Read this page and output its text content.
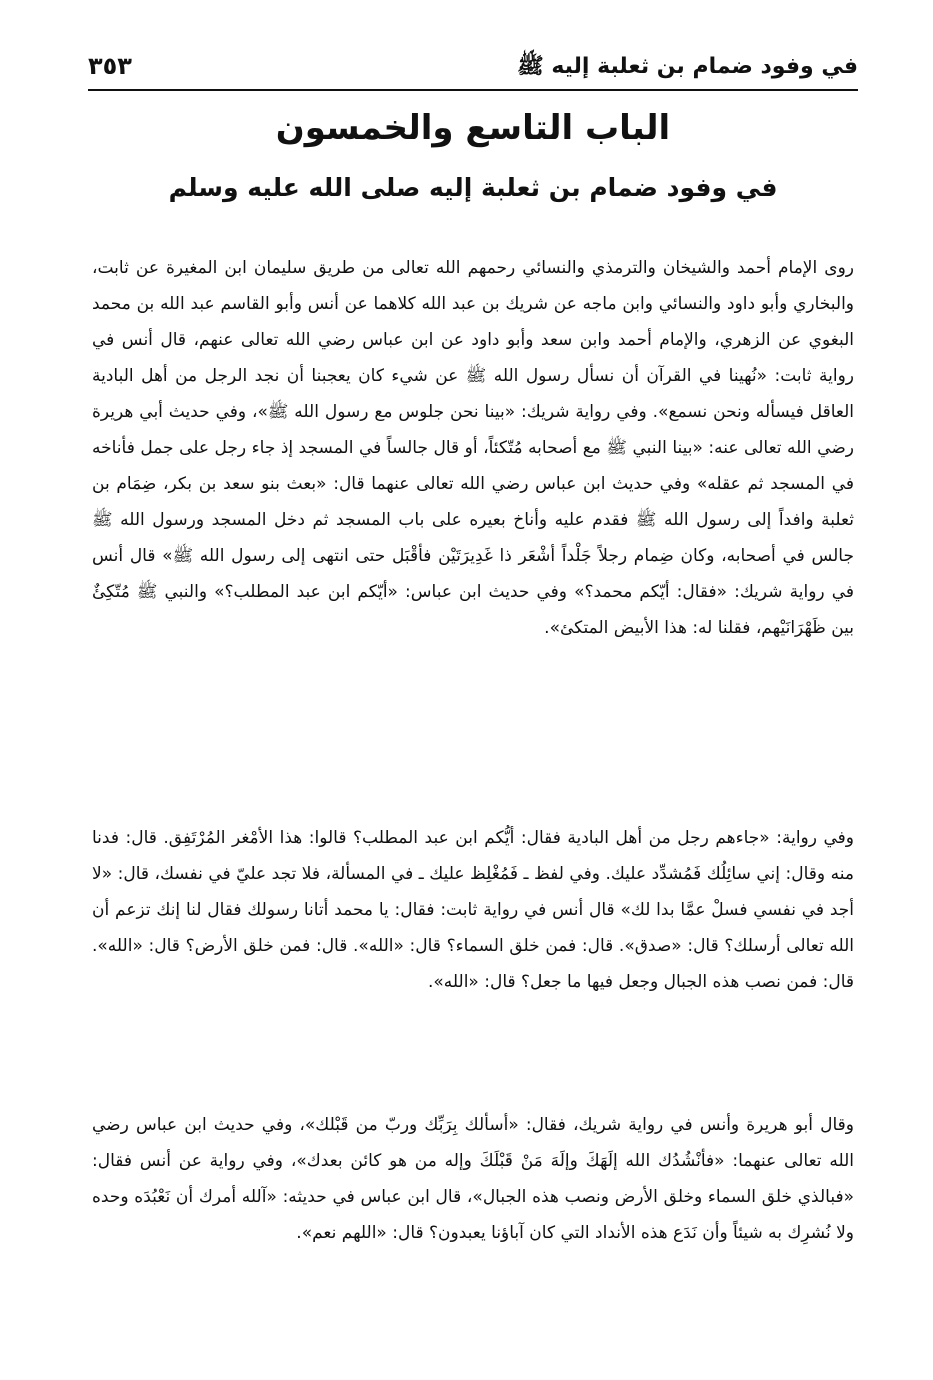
في وفود ضمام بن ثعلبة إليه ﷺ
٣٥٣
الباب التاسع والخمسون
في وفود ضمام بن ثعلبة إليه صلى الله عليه وسلم

روى الإمام أحمد والشيخان والترمذي والنسائي رحمهم الله تعالى من طريق سليمان ابن المغيرة عن ثابت، والبخاري وأبو داود والنسائي وابن ماجه عن شريك بن عبد الله كلاهما عن أنس وأبو القاسم عبد الله بن محمد البغوي عن الزهري، والإمام أحمد وابن سعد وأبو داود عن ابن عباس رضي الله تعالى عنهم، قال أنس في رواية ثابت: «نُهينا في القرآن أن نسأل رسول الله ﷺ عن شيء كان يعجبنا أن نجد الرجل من أهل البادية العاقل فيسأله ونحن نسمع». وفي رواية شريك: «بينا نحن جلوس مع رسول الله ﷺ»، وفي حديث أبي هريرة رضي الله تعالى عنه: «بينا النبي ﷺ مع أصحابه مُتّكئاً، أو قال جالساً في المسجد إذ جاء رجل على جمل فأناخه في المسجد ثم عقله» وفي حديث ابن عباس رضي الله تعالى عنهما قال: «بعث بنو سعد بن بكر، ضِمَام بن ثعلبة وافداً إلى رسول الله ﷺ فقدم عليه وأناخ بعيره على باب المسجد ثم دخل المسجد ورسول الله ﷺ جالس في أصحابه، وكان ضِمام رجلاً جَلْداً أشْعَر ذا غَدِيرَتَيْن فأقْبَل حتى انتهى إلى رسول الله ﷺ» قال أنس في رواية شريك: «فقال: أيّكم محمد؟» وفي حديث ابن عباس: «أيّكم ابن عبد المطلب؟» والنبي ﷺ مُتّكِئٌ بين ظَهْرَانَيْهم، فقلنا له: هذا الأبيض المتكئ».

وفي رواية: «جاءهم رجل من أهل البادية فقال: أيُّكم ابن عبد المطلب؟ قالوا: هذا الأمْغر المُرْتَفِق. قال: فدنا منه وقال: إني سائِلُك فَمُشدِّد عليك. وفي لفظ ـ فَمُغْلِظ عليك ـ في المسألة، فلا تجد عليّ في نفسك، قال: «لا أجد في نفسي فسلْ عمَّا بدا لك» قال أنس في رواية ثابت: فقال: يا محمد أتانا رسولك فقال لنا إنك تزعم أن الله تعالى أرسلك؟ قال: «صدق». قال: فمن خلق السماء؟ قال: «الله». قال: فمن خلق الأرض؟ قال: «الله». قال: فمن نصب هذه الجبال وجعل فيها ما جعل؟ قال: «الله».

وقال أبو هريرة وأنس في رواية شريك، فقال: «أسألك بِرَبِّك وربّ من قَبْلك»، وفي حديث ابن عباس رضي الله تعالى عنهما: «فأنْشُدُك الله إلَهَكَ وإلَهَ مَنْ قَبْلَكَ وإله من هو كائن بعدك»، وفي رواية عن أنس فقال: «فبالذي خلق السماء وخلق الأرض ونصب هذه الجبال»، قال ابن عباس في حديثه: «آلله أمرك أن نَعْبُدَه وحده ولا نُشرِك به شيئاً وأن نَدَع هذه الأنداد التي كان آباؤنا يعبدون؟ قال: «اللهم نعم».
